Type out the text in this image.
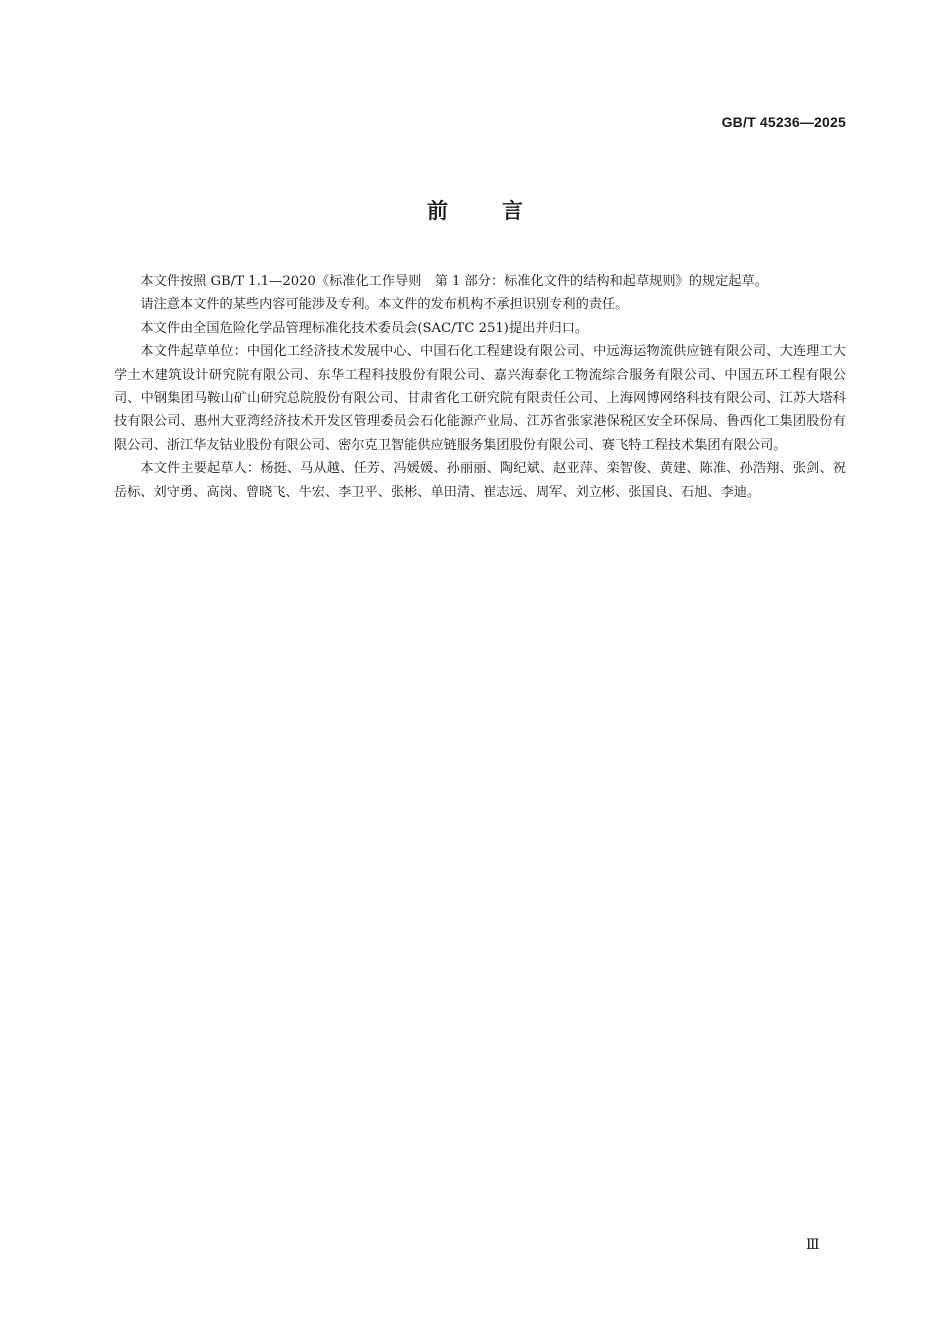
GB/T 45236—2025
前言

本文件按照 GB/T 1.1—2020《标准化工作导则　第 1 部分：标准化文件的结构和起草规则》的规定起草。

请注意本文件的某些内容可能涉及专利。本文件的发布机构不承担识别专利的责任。

本文件由全国危险化学品管理标准化技术委员会(SAC/TC 251)提出并归口。

本文件起草单位：中国化工经济技术发展中心、中国石化工程建设有限公司、中远海运物流供应链有限公司、大连理工大学土木建筑设计研究院有限公司、东华工程科技股份有限公司、嘉兴海泰化工物流综合服务有限公司、中国五环工程有限公司、中钢集团马鞍山矿山研究总院股份有限公司、甘肃省化工研究院有限责任公司、上海网博网络科技有限公司、江苏大塔科技有限公司、惠州大亚湾经济技术开发区管理委员会石化能源产业局、江苏省张家港保税区安全环保局、鲁西化工集团股份有限公司、浙江华友钴业股份有限公司、密尔克卫智能供应链服务集团股份有限公司、赛飞特工程技术集团有限公司。

本文件主要起草人：杨挺、马从越、任芳、冯媛媛、孙丽丽、陶纪斌、赵亚萍、栾智俊、黄建、陈准、孙浩翔、张剑、祝岳标、刘守勇、高岗、曾晓飞、牛宏、李卫平、张彬、单田清、崔志远、周军、刘立彬、张国良、石旭、李迪。

Ⅲ
